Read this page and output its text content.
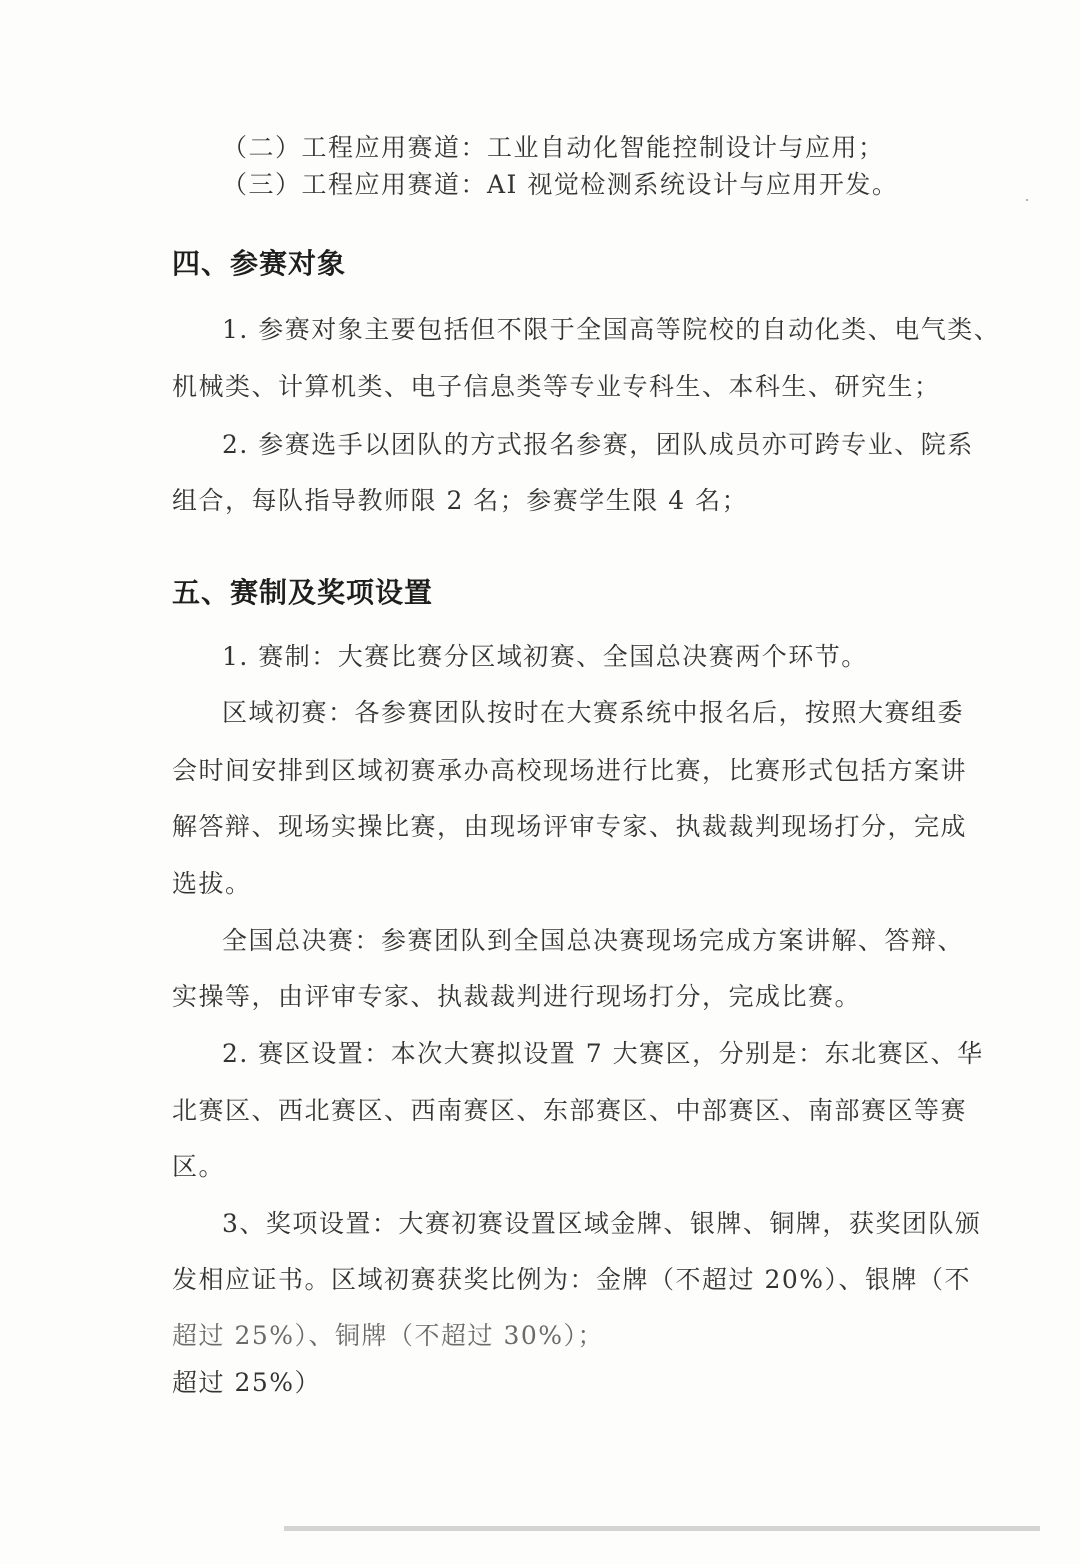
（二）工程应用赛道：工业自动化智能控制设计与应用；
（三）工程应用赛道：AI 视觉检测系统设计与应用开发。
四、参赛对象
1. 参赛对象主要包括但不限于全国高等院校的自动化类、电气类、
机械类、计算机类、电子信息类等专业专科生、本科生、研究生；
2. 参赛选手以团队的方式报名参赛，团队成员亦可跨专业、院系
组合，每队指导教师限 2 名；参赛学生限 4 名；
五、赛制及奖项设置
1. 赛制：大赛比赛分区域初赛、全国总决赛两个环节。
区域初赛：各参赛团队按时在大赛系统中报名后，按照大赛组委
会时间安排到区域初赛承办高校现场进行比赛，比赛形式包括方案讲
解答辩、现场实操比赛，由现场评审专家、执裁裁判现场打分，完成
选拔。
全国总决赛：参赛团队到全国总决赛现场完成方案讲解、答辩、
实操等，由评审专家、执裁裁判进行现场打分，完成比赛。
2. 赛区设置：本次大赛拟设置 7 大赛区，分别是：东北赛区、华
北赛区、西北赛区、西南赛区、东部赛区、中部赛区、南部赛区等赛
区。
3、奖项设置：大赛初赛设置区域金牌、银牌、铜牌，获奖团队颁
发相应证书。区域初赛获奖比例为：金牌（不超过 20%）、银牌（不
超过 25%）、铜牌（不超过 30%）；
超过 25%）
